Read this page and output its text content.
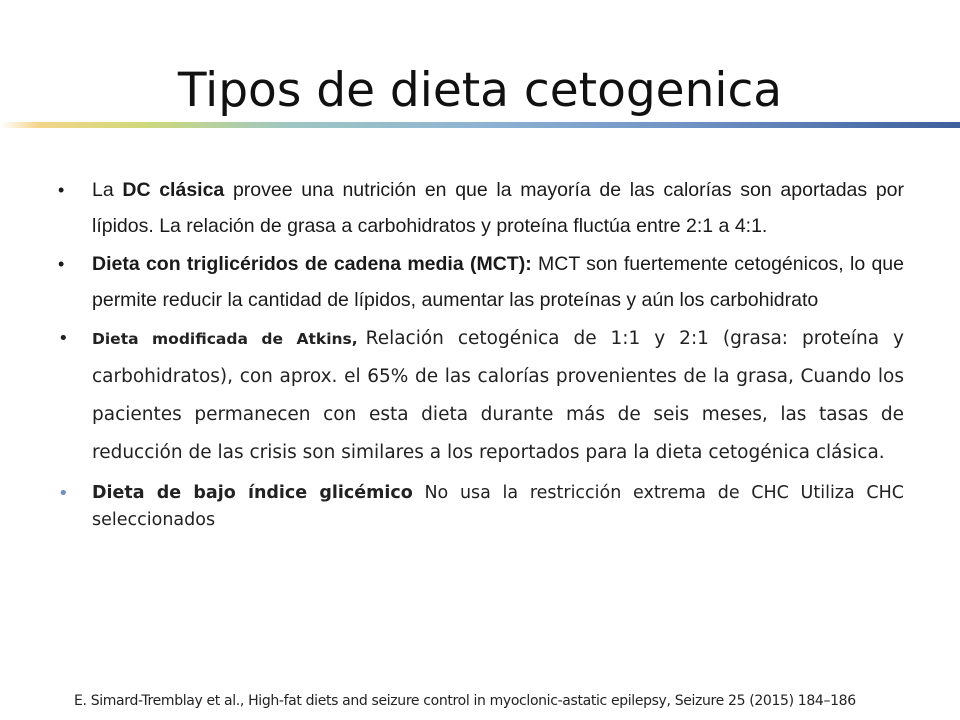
Tipos de dieta cetogenica
• La DC clásica provee una nutrición en que la mayoría de las calorías son aportadas por lípidos. La relación de grasa a carbohidratos y proteína fluctúa entre 2:1 a 4:1.
• Dieta con triglicéridos de cadena media (MCT): MCT son fuertemente cetogénicos, lo que permite reducir la cantidad de lípidos, aumentar las proteínas y aún los carbohidrato
• Dieta modificada de Atkins, Relación cetogénica de 1:1 y 2:1 (grasa: proteína y carbohidratos), con aprox. el 65% de las calorías provenientes de la grasa, Cuando los pacientes permanecen con esta dieta durante más de seis meses, las tasas de reducción de las crisis son similares a los reportados para la dieta cetogénica clásica.
• Dieta de bajo índice glicémico No usa la restricción extrema de CHC Utiliza CHC seleccionados
E. Simard-Tremblay et al., High-fat diets and seizure control in myoclonic-astatic epilepsy, Seizure 25 (2015) 184–186
